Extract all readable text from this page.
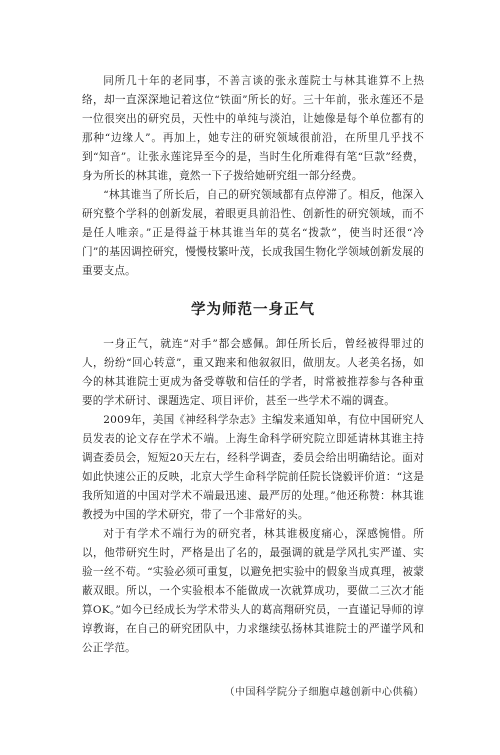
同所几十年的老同事，不善言谈的张永莲院士与林其谁算不上热络，却一直深深地记着这位“铁面”所长的好。三十年前，张永莲还不是一位很突出的研究员，天性中的单纯与淡泊，让她像是每个单位都有的那种“边缘人”。再加上，她专注的研究领域很前沿，在所里几乎找不到“知音”。让张永莲诧异至今的是，当时生化所难得有笔“巨款”经费，身为所长的林其谁，竟然一下子拨给她研究组一部分经费。

“林其谁当了所长后，自己的研究领域都有点停滞了。相反，他深入研究整个学科的创新发展，着眼更具前沿性、创新性的研究领域，而不是任人唯亲。”正是得益于林其谁当年的莫名“拨款”，使当时还很“冷门”的基因调控研究，慢慢枝繁叶茂，长成我国生物化学领域创新发展的重要支点。

学为师范一身正气

一身正气，就连“对手”都会感佩。卸任所长后，曾经被得罪过的人，纷纷“回心转意”，重又跑来和他叙叙旧，做朋友。人老美名扬，如今的林其谁院士更成为备受尊敬和信任的学者，时常被推荐参与各种重要的学术研讨、课题选定、项目评价，甚至一些学术不端的调查。

2009年，美国《神经科学杂志》主编发来通知单，有位中国研究人员发表的论文存在学术不端。上海生命科学研究院立即延请林其谁主持调查委员会，短短20天左右，经科学调查，委员会给出明确结论。面对如此快速公正的反映，北京大学生命科学院前任院长饶毅评价道：“这是我所知道的中国对学术不端最迅速、最严厉的处理。”他还称赞：林其谁教授为中国的学术研究，带了一个非常好的头。

对于有学术不端行为的研究者，林其谁极度痛心，深感惋惜。所以，他带研究生时，严格是出了名的，最强调的就是学风扎实严谨、实验一丝不苟。“实验必须可重复，以避免把实验中的假象当成真理，被蒙蔽双眼。所以，一个实验根本不能做成一次就算成功，要做二三次才能算OK。”如今已经成长为学术带头人的葛高翔研究员，一直谨记导师的谆谆教诲，在自己的研究团队中，力求继续弘扬林其谁院士的严谨学风和公正学范。

（中国科学院分子细胞卓越创新中心供稿）
